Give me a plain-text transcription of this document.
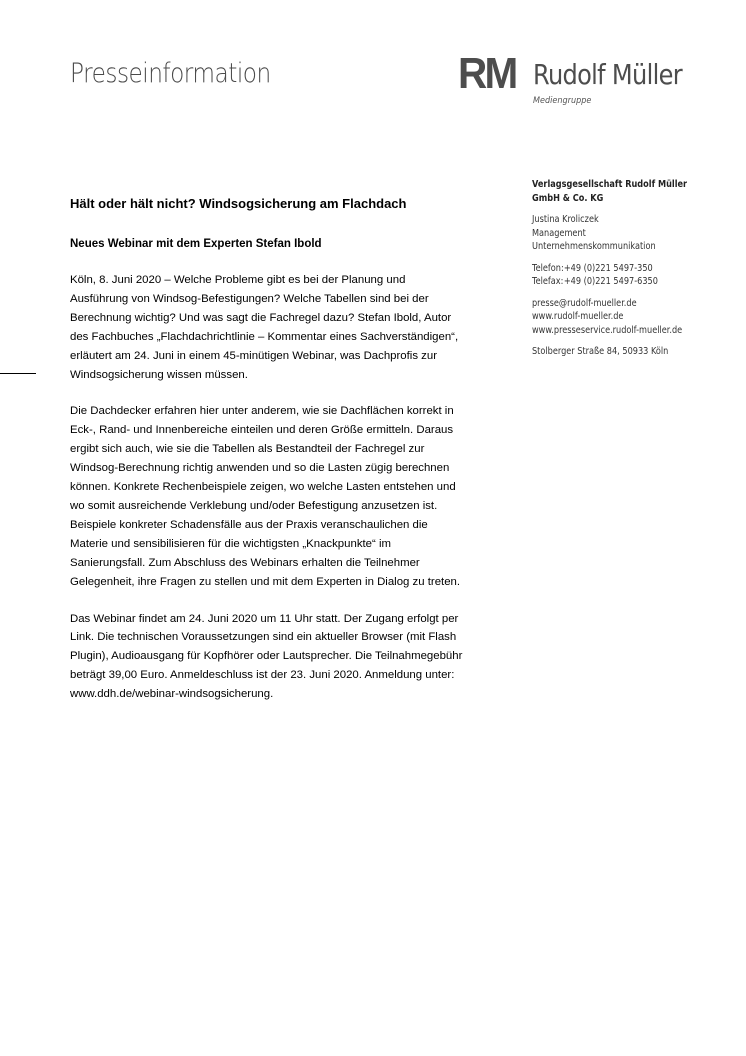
Presseinformation	RM Rudolf Müller
Mediengruppe
Verlagsgesellschaft Rudolf Müller
GmbH & Co. KG
Justina Kroliczek
Management
Unternehmenskommunikation
Telefon:+49 (0)221 5497-350
Telefax:+49 (0)221 5497-6350
presse@rudolf-mueller.de
www.rudolf-mueller.de
www.presseservice.rudolf-mueller.de
Stolberger Straße 84, 50933 Köln
Hält oder hält nicht? Windsogsicherung am Flachdach
Neues Webinar mit dem Experten Stefan Ibold
Köln, 8. Juni 2020 – Welche Probleme gibt es bei der Planung und
Ausführung von Windsog-Befestigungen? Welche Tabellen sind bei der
Berechnung wichtig? Und was sagt die Fachregel dazu? Stefan Ibold, Autor
des Fachbuches „Flachdachrichtlinie – Kommentar eines Sachverständigen“,
erläutert am 24. Juni in einem 45-minütigen Webinar, was Dachprofis zur
Windsogsicherung wissen müssen.
Die Dachdecker erfahren hier unter anderem, wie sie Dachflächen korrekt in
Eck-, Rand- und Innenbereiche einteilen und deren Größe ermitteln. Daraus
ergibt sich auch, wie sie die Tabellen als Bestandteil der Fachregel zur
Windsog-Berechnung richtig anwenden und so die Lasten zügig berechnen
können. Konkrete Rechenbeispiele zeigen, wo welche Lasten entstehen und
wo somit ausreichende Verklebung und/oder Befestigung anzusetzen ist.
Beispiele konkreter Schadensfälle aus der Praxis veranschaulichen die
Materie und sensibilisieren für die wichtigsten „Knackpunkte“ im
Sanierungsfall. Zum Abschluss des Webinars erhalten die Teilnehmer
Gelegenheit, ihre Fragen zu stellen und mit dem Experten in Dialog zu treten.
Das Webinar findet am 24. Juni 2020 um 11 Uhr statt. Der Zugang erfolgt per
Link. Die technischen Voraussetzungen sind ein aktueller Browser (mit Flash
Plugin), Audioausgang für Kopfhörer oder Lautsprecher. Die Teilnahmegebühr
beträgt 39,00 Euro. Anmeldeschluss ist der 23. Juni 2020. Anmeldung unter:
www.ddh.de/webinar-windsogsicherung.
